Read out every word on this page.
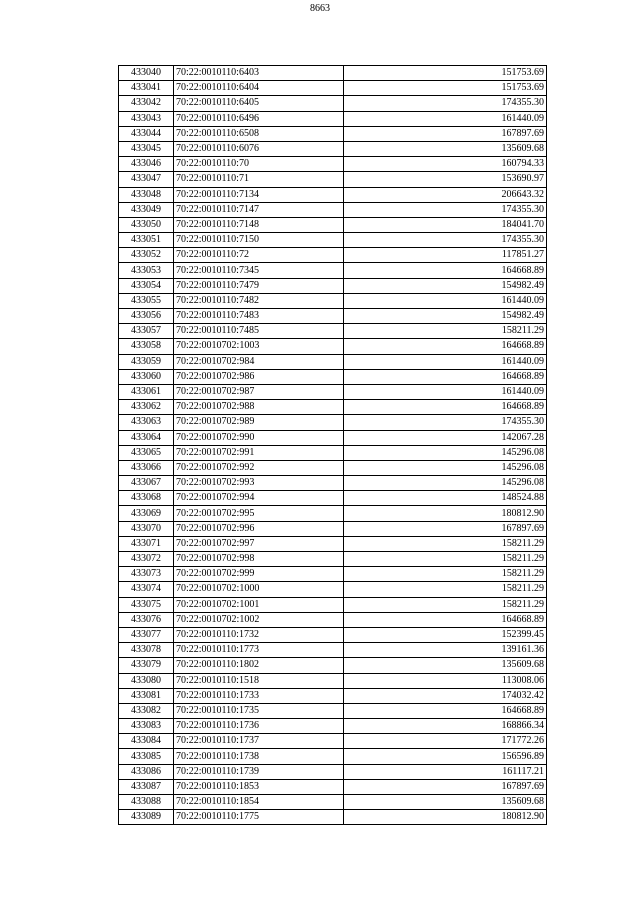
8663
433040	70:22:0010110:6403	151753.69
433041	70:22:0010110:6404	151753.69
433042	70:22:0010110:6405	174355.30
433043	70:22:0010110:6496	161440.09
433044	70:22:0010110:6508	167897.69
433045	70:22:0010110:6076	135609.68
433046	70:22:0010110:70	160794.33
433047	70:22:0010110:71	153690.97
433048	70:22:0010110:7134	206643.32
433049	70:22:0010110:7147	174355.30
433050	70:22:0010110:7148	184041.70
433051	70:22:0010110:7150	174355.30
433052	70:22:0010110:72	117851.27
433053	70:22:0010110:7345	164668.89
433054	70:22:0010110:7479	154982.49
433055	70:22:0010110:7482	161440.09
433056	70:22:0010110:7483	154982.49
433057	70:22:0010110:7485	158211.29
433058	70:22:0010702:1003	164668.89
433059	70:22:0010702:984	161440.09
433060	70:22:0010702:986	164668.89
433061	70:22:0010702:987	161440.09
433062	70:22:0010702:988	164668.89
433063	70:22:0010702:989	174355.30
433064	70:22:0010702:990	142067.28
433065	70:22:0010702:991	145296.08
433066	70:22:0010702:992	145296.08
433067	70:22:0010702:993	145296.08
433068	70:22:0010702:994	148524.88
433069	70:22:0010702:995	180812.90
433070	70:22:0010702:996	167897.69
433071	70:22:0010702:997	158211.29
433072	70:22:0010702:998	158211.29
433073	70:22:0010702:999	158211.29
433074	70:22:0010702:1000	158211.29
433075	70:22:0010702:1001	158211.29
433076	70:22:0010702:1002	164668.89
433077	70:22:0010110:1732	152399.45
433078	70:22:0010110:1773	139161.36
433079	70:22:0010110:1802	135609.68
433080	70:22:0010110:1518	113008.06
433081	70:22:0010110:1733	174032.42
433082	70:22:0010110:1735	164668.89
433083	70:22:0010110:1736	168866.34
433084	70:22:0010110:1737	171772.26
433085	70:22:0010110:1738	156596.89
433086	70:22:0010110:1739	161117.21
433087	70:22:0010110:1853	167897.69
433088	70:22:0010110:1854	135609.68
433089	70:22:0010110:1775	180812.90
